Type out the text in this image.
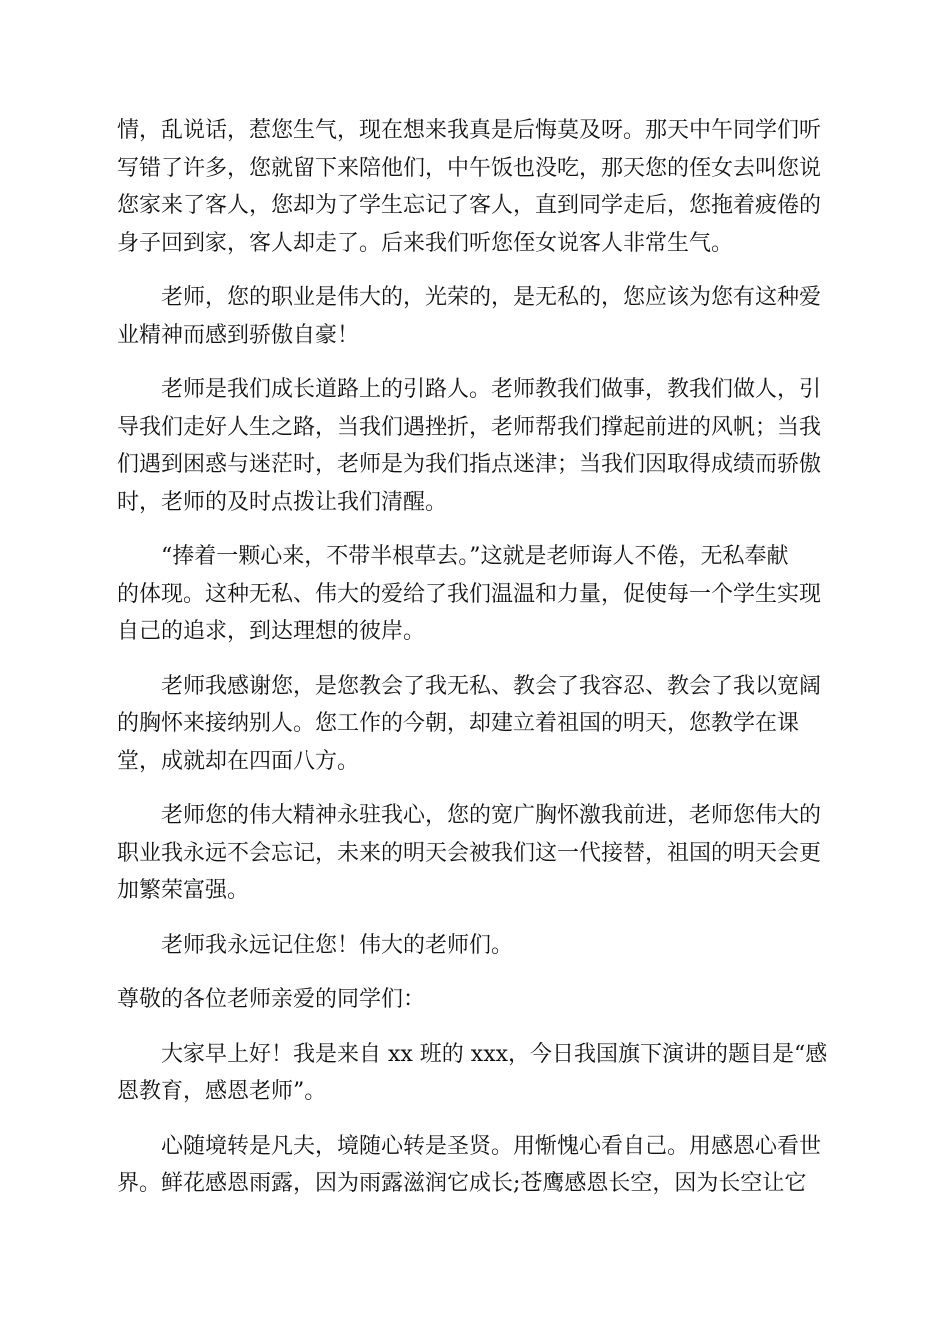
情，乱说话，惹您生气，现在想来我真是后悔莫及呀。那天中午同学们听
写错了许多，您就留下来陪他们，中午饭也没吃，那天您的侄女去叫您说
您家来了客人，您却为了学生忘记了客人，直到同学走后，您拖着疲倦的
身子回到家，客人却走了。后来我们听您侄女说客人非常生气。
老师，您的职业是伟大的，光荣的，是无私的，您应该为您有这种爱
业精神而感到骄傲自豪！
老师是我们成长道路上的引路人。老师教我们做事，教我们做人，引
导我们走好人生之路，当我们遇挫折，老师帮我们撑起前进的风帆；当我
们遇到困惑与迷茫时，老师是为我们指点迷津；当我们因取得成绩而骄傲
时，老师的及时点拨让我们清醒。
“捧着一颗心来，不带半根草去。”这就是老师诲人不倦，无私奉献
的体现。这种无私、伟大的爱给了我们温温和力量，促使每一个学生实现
自己的追求，到达理想的彼岸。
老师我感谢您，是您教会了我无私、教会了我容忍、教会了我以宽阔
的胸怀来接纳别人。您工作的今朝，却建立着祖国的明天，您教学在课
堂，成就却在四面八方。
老师您的伟大精神永驻我心，您的宽广胸怀激我前进，老师您伟大的
职业我永远不会忘记，未来的明天会被我们这一代接替，祖国的明天会更
加繁荣富强。
老师我永远记住您！伟大的老师们。
尊敬的各位老师亲爱的同学们：
大家早上好！我是来自 xx 班的 xxx，今日我国旗下演讲的题目是“感
恩教育，感恩老师”。
心随境转是凡夫，境随心转是圣贤。用惭愧心看自己。用感恩心看世
界。鲜花感恩雨露，因为雨露滋润它成长;苍鹰感恩长空，因为长空让它
